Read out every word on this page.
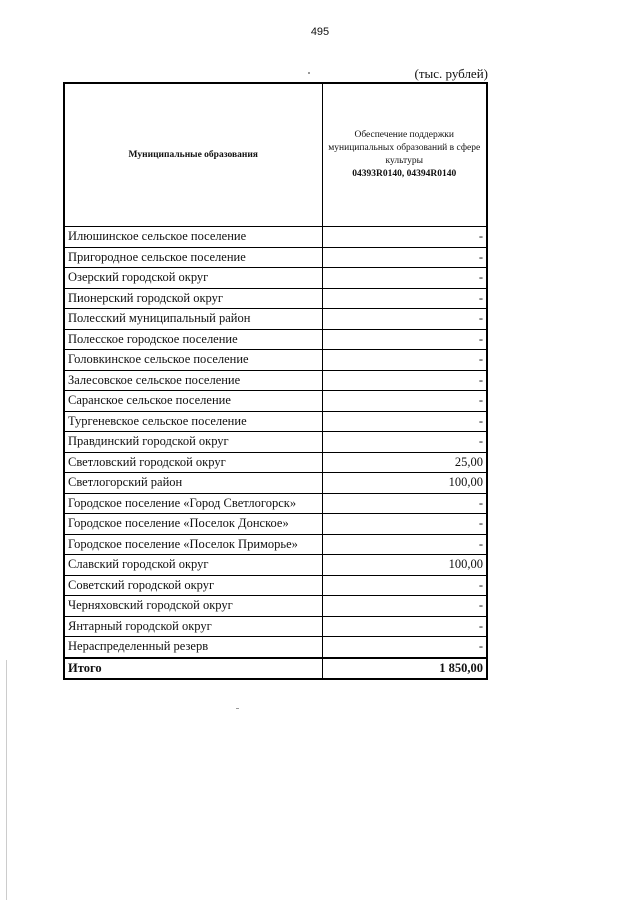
495
(тыс. рублей)
Муниципальные образования	Обеспечение поддержки муниципальных образований в сфере культуры
04393R0140, 04394R0140

Илюшинское сельское поселение	-
Пригородное сельское поселение	-
Озерский городской округ	-
Пионерский городской округ	-
Полесский муниципальный район	-
Полесское городское поселение	-
Головкинское сельское поселение	-
Залесовское сельское поселение	-
Саранское сельское поселение	-
Тургеневское сельское поселение	-
Правдинский городской округ	-
Светловский городской округ	25,00
Светлогорский район	100,00
Городское поселение «Город Светлогорск»	-
Городское поселение «Поселок Донское»	-
Городское поселение «Поселок Приморье»	-
Славский городской округ	100,00
Советский городской округ	-
Черняховский городской округ	-
Янтарный городской округ	-
Нераспределенный резерв	-
Итого	1 850,00
